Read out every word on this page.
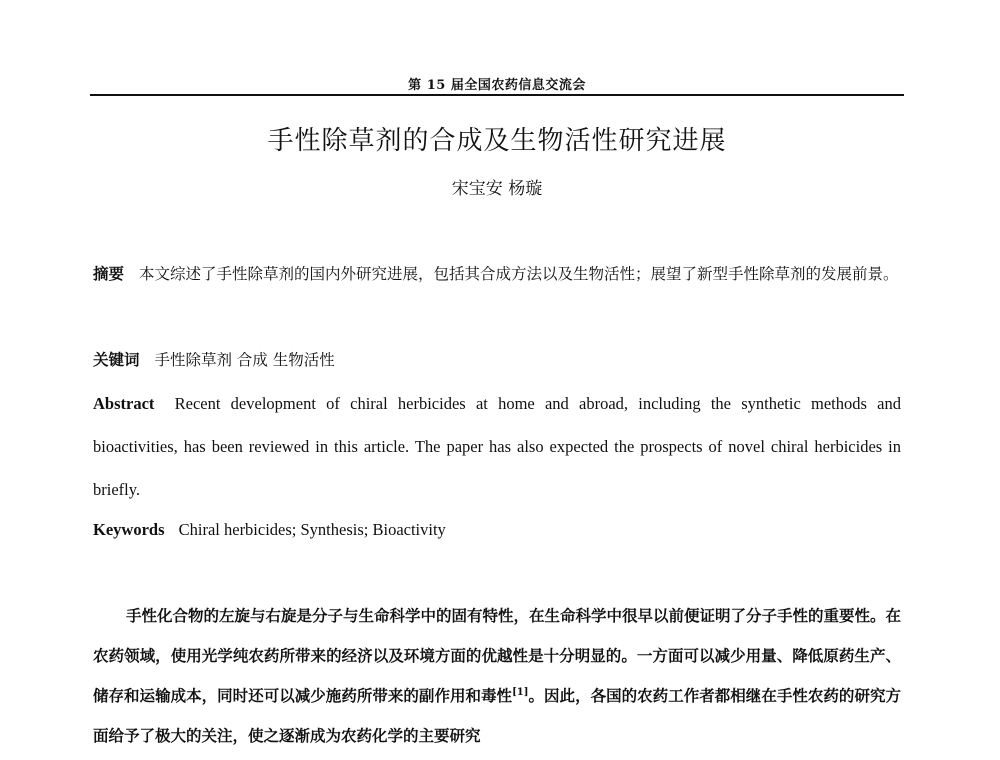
第 15 届全国农药信息交流会
手性除草剂的合成及生物活性研究进展
宋宝安 杨璇
摘要 本文综述了手性除草剂的国内外研究进展，包括其合成方法以及生物活性；展望了新型手性除草剂的发展前景。
关键词 手性除草剂 合成 生物活性
Abstract Recent development of chiral herbicides at home and abroad, including the synthetic methods and bioactivities, has been reviewed in this article. The paper has also expected the prospects of novel chiral herbicides in briefly.
Keywords Chiral herbicides; Synthesis; Bioactivity
手性化合物的左旋与右旋是分子与生命科学中的固有特性，在生命科学中很早以前便证明了分子手性的重要性。在农药领域，使用光学纯农药所带来的经济以及环境方面的优越性是十分明显的。一方面可以减少用量、降低原药生产、储存和运输成本，同时还可以减少施药所带来的副作用和毒性[1]。因此，各国的农药工作者都相继在手性农药的研究方面给予了极大的关注，使之逐渐成为农药化学的主要研究
